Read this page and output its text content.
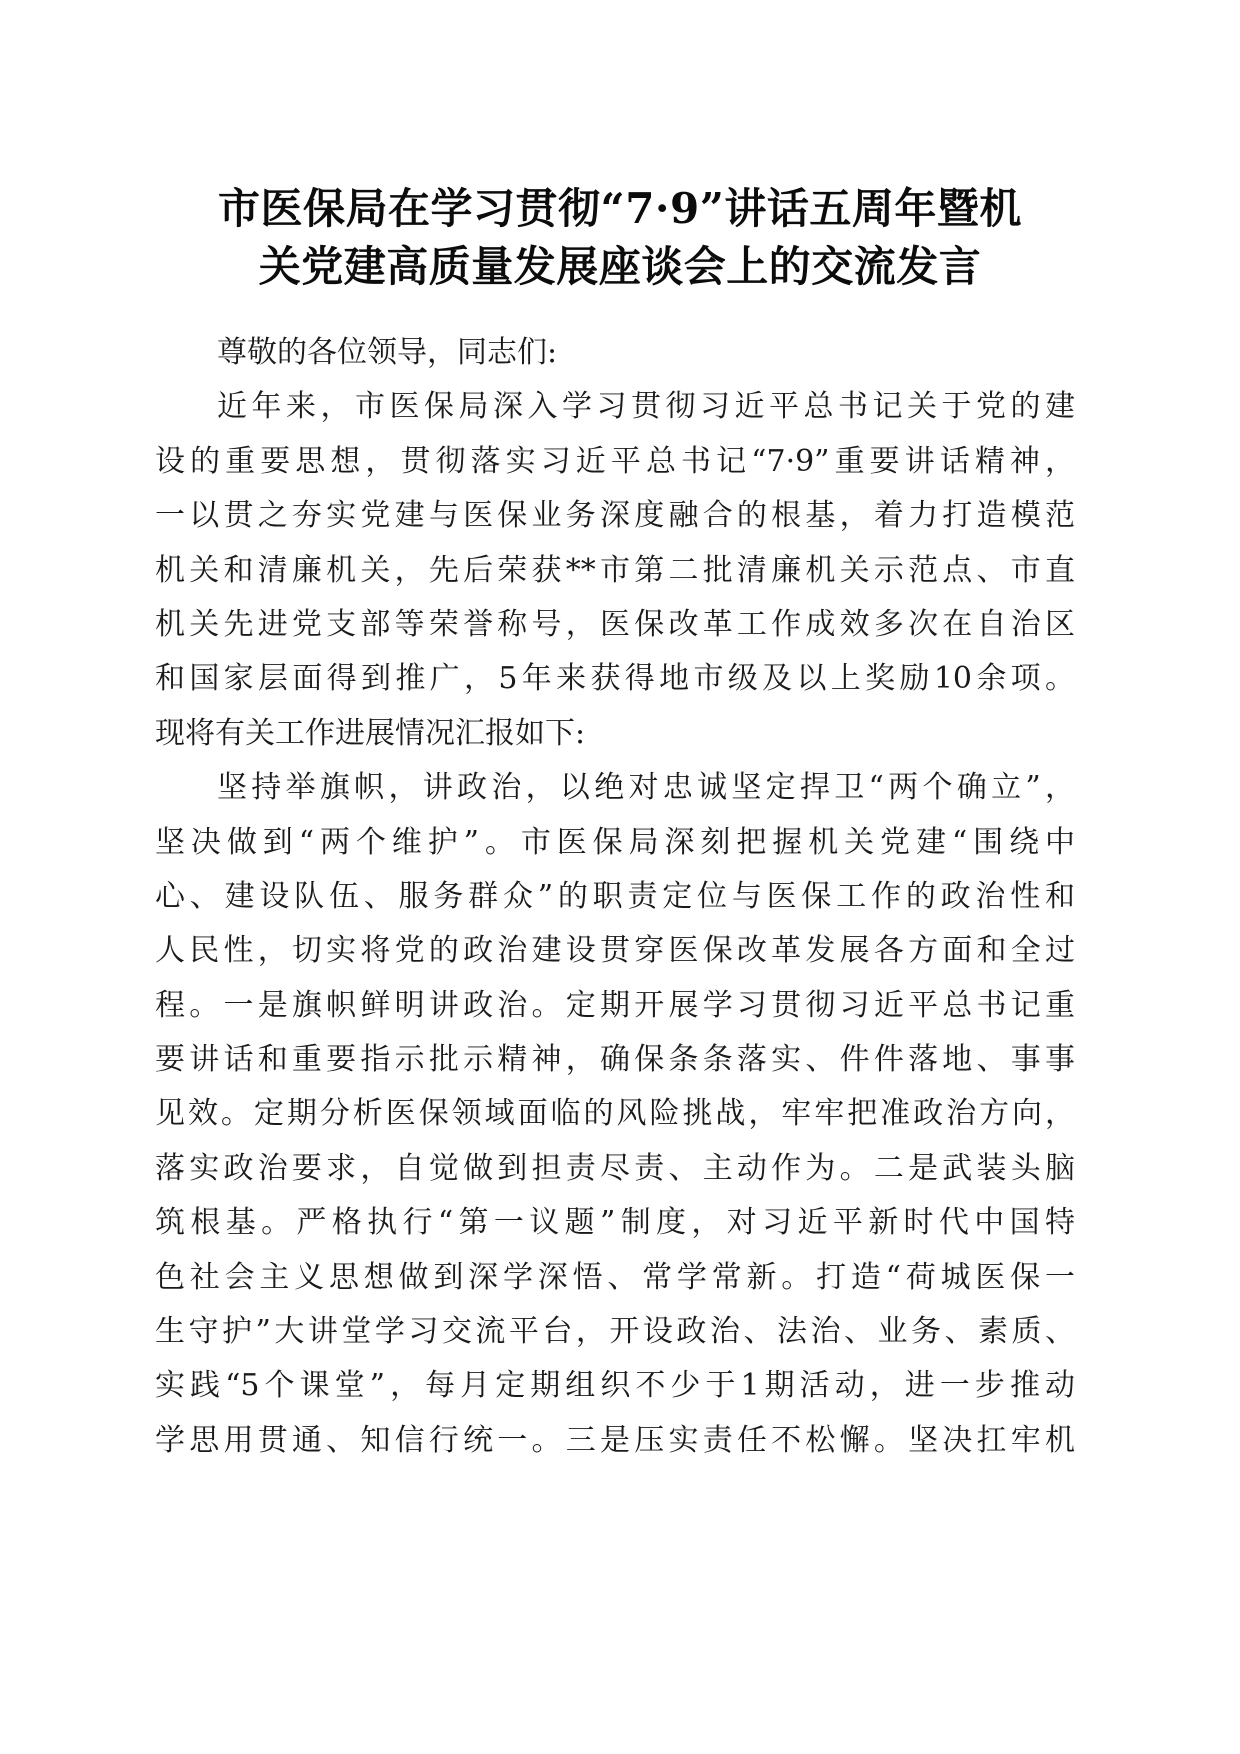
市医保局在学习贯彻“7·9”讲话五周年暨机
关党建高质量发展座谈会上的交流发言
尊敬的各位领导，同志们:
近年来，市医保局深入学习贯彻习近平总书记关于党的建
设的重要思想，贯彻落实习近平总书记“7·9”重要讲话精神，
一以贯之夯实党建与医保业务深度融合的根基，着力打造模范
机关和清廉机关，先后荣获**市第二批清廉机关示范点、市直
机关先进党支部等荣誉称号，医保改革工作成效多次在自治区
和国家层面得到推广，5年来获得地市级及以上奖励10余项。
现将有关工作进展情况汇报如下:
坚持举旗帜，讲政治，以绝对忠诚坚定捍卫“两个确立”，
坚决做到“两个维护”。市医保局深刻把握机关党建“围绕中
心、建设队伍、服务群众”的职责定位与医保工作的政治性和
人民性，切实将党的政治建设贯穿医保改革发展各方面和全过
程。一是旗帜鲜明讲政治。定期开展学习贯彻习近平总书记重
要讲话和重要指示批示精神，确保条条落实、件件落地、事事
见效。定期分析医保领域面临的风险挑战，牢牢把准政治方向，
落实政治要求，自觉做到担责尽责、主动作为。二是武装头脑
筑根基。严格执行“第一议题”制度，对习近平新时代中国特
色社会主义思想做到深学深悟、常学常新。打造“荷城医保一
生守护”大讲堂学习交流平台，开设政治、法治、业务、素质、
实践“5个课堂”，每月定期组织不少于1期活动，进一步推动
学思用贯通、知信行统一。三是压实责任不松懈。坚决扛牢机
